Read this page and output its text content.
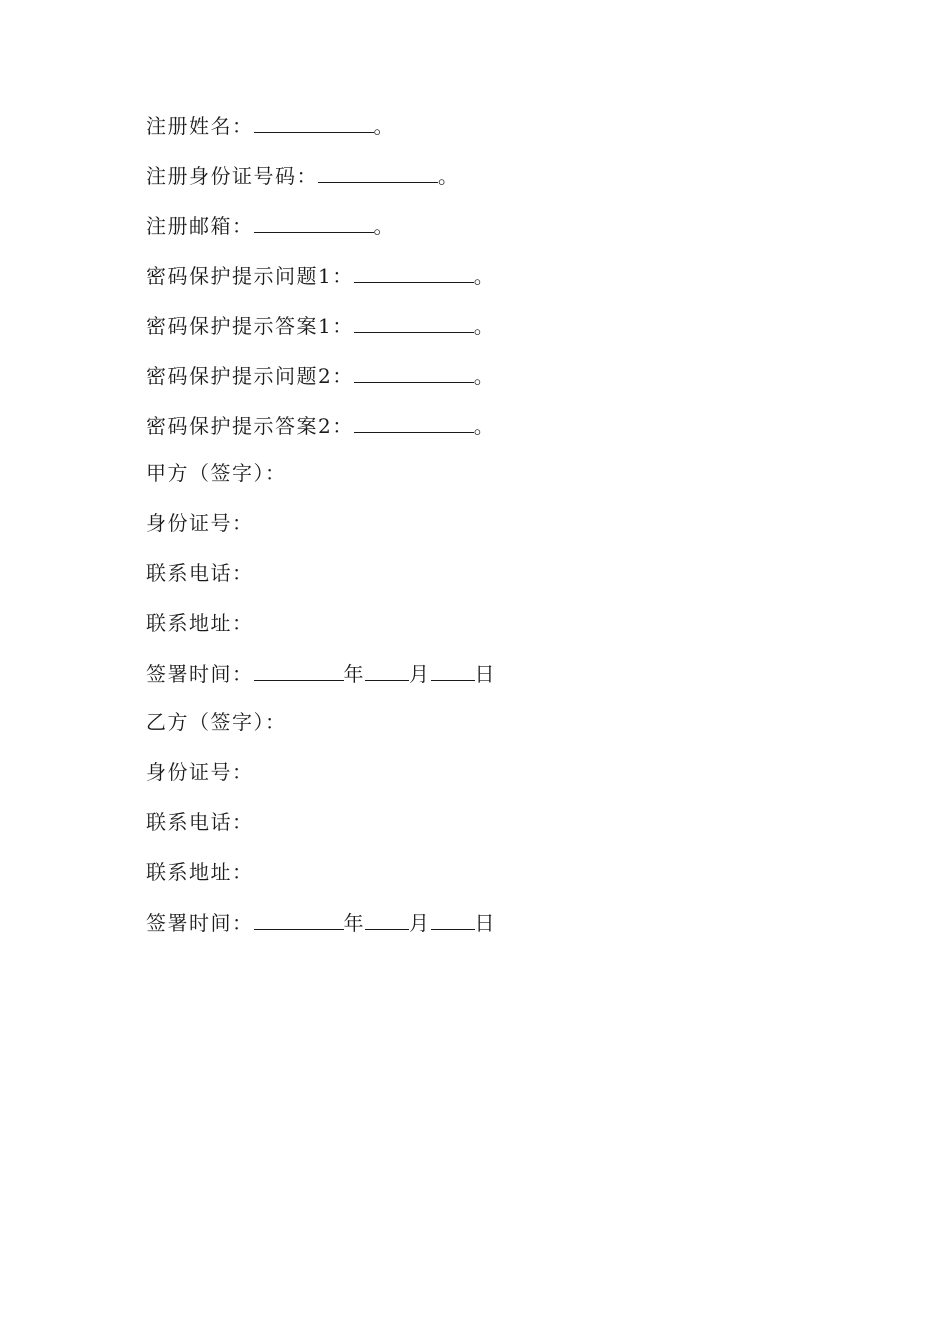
注册姓名：	。
注册身份证号码：	。
注册邮箱：	。
密码保护提示问题1：	。
密码保护提示答案1：	。
密码保护提示问题2：	。
密码保护提示答案2：	。
甲方（签字）：
身份证号：
联系电话：
联系地址：
签署时间：	年 月 日
乙方（签字）：
身份证号：
联系电话：
联系地址：
签署时间：	年 月 日
